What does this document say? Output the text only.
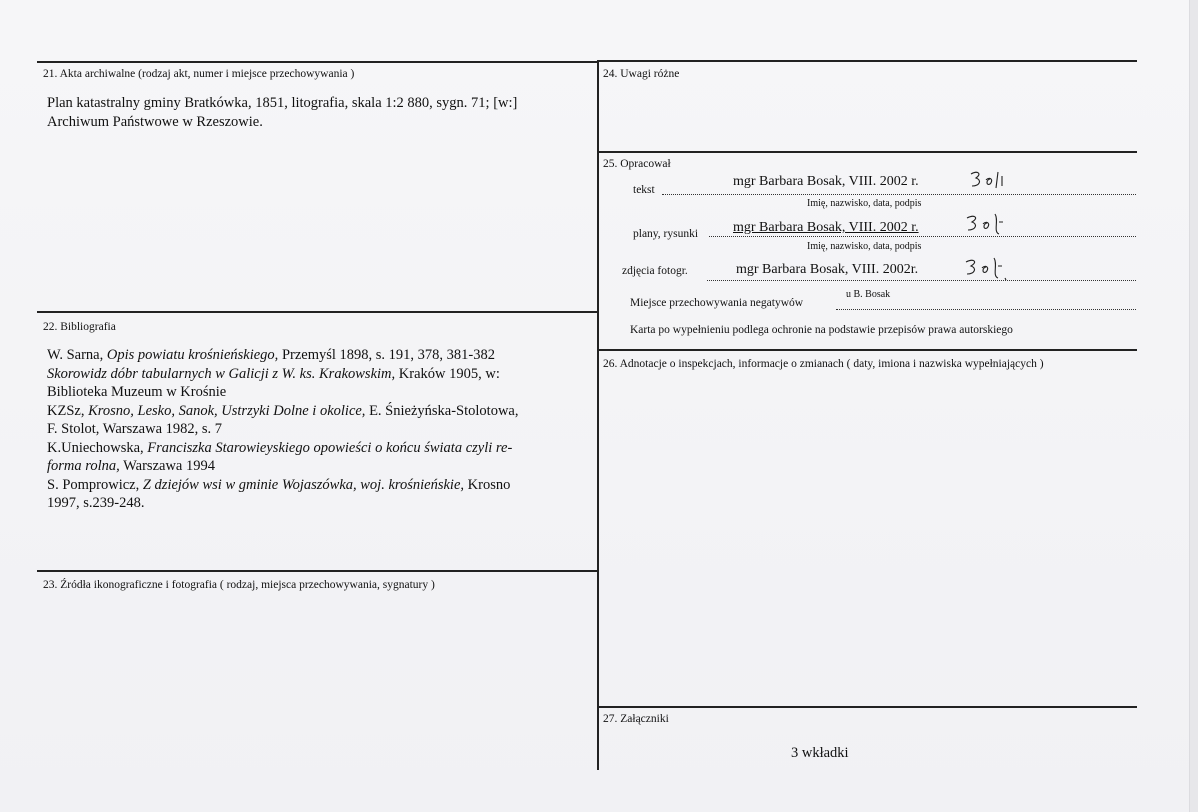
21. Akta archiwalne (rodzaj akt, numer i miejsce przechowywania )
Plan katastralny gminy Bratkówka, 1851, litografia, skala 1:2 880, sygn. 71; [w:]
Archiwum Państwowe w Rzeszowie.
22. Bibliografia
W. Sarna, Opis powiatu krośnieńskiego, Przemyśl 1898, s. 191, 378, 381-382
Skorowidz dóbr tabularnych w Galicji z W. ks. Krakowskim, Kraków 1905, w:
Biblioteka Muzeum w Krośnie
KZSz, Krosno, Lesko, Sanok, Ustrzyki Dolne i okolice, E. Śnieżyńska-Stolotowa,
F. Stolot, Warszawa 1982, s. 7
K.Uniechowska, Franciszka Starowieyskiego opowieści o końcu świata czyli re-
forma rolna, Warszawa 1994
S. Pomprowicz, Z dziejów wsi w gminie Wojaszówka, woj. krośnieńskie, Krosno
1997, s.239-248.
23. Źródła ikonograficzne i fotografia ( rodzaj, miejsca przechowywania, sygnatury )
24. Uwagi różne
25. Opracował
tekst
mgr Barbara Bosak, VIII. 2002 r.
Imię, nazwisko, data, podpis
plany, rysunki mgr Barbara Bosak, VIII. 2002 r.
Imię, nazwisko, data, podpis
zdjęcia fotogr.	mgr Barbara Bosak, VIII. 2002r.
Miejsce przechowywania negatywów
u B. Bosak
Karta po wypełnieniu podlega ochronie na podstawie przepisów prawa autorskiego
26. Adnotacje o inspekcjach, informacje o zmianach ( daty, imiona i nazwiska wypełniających )
27. Załączniki
3 wkładki
